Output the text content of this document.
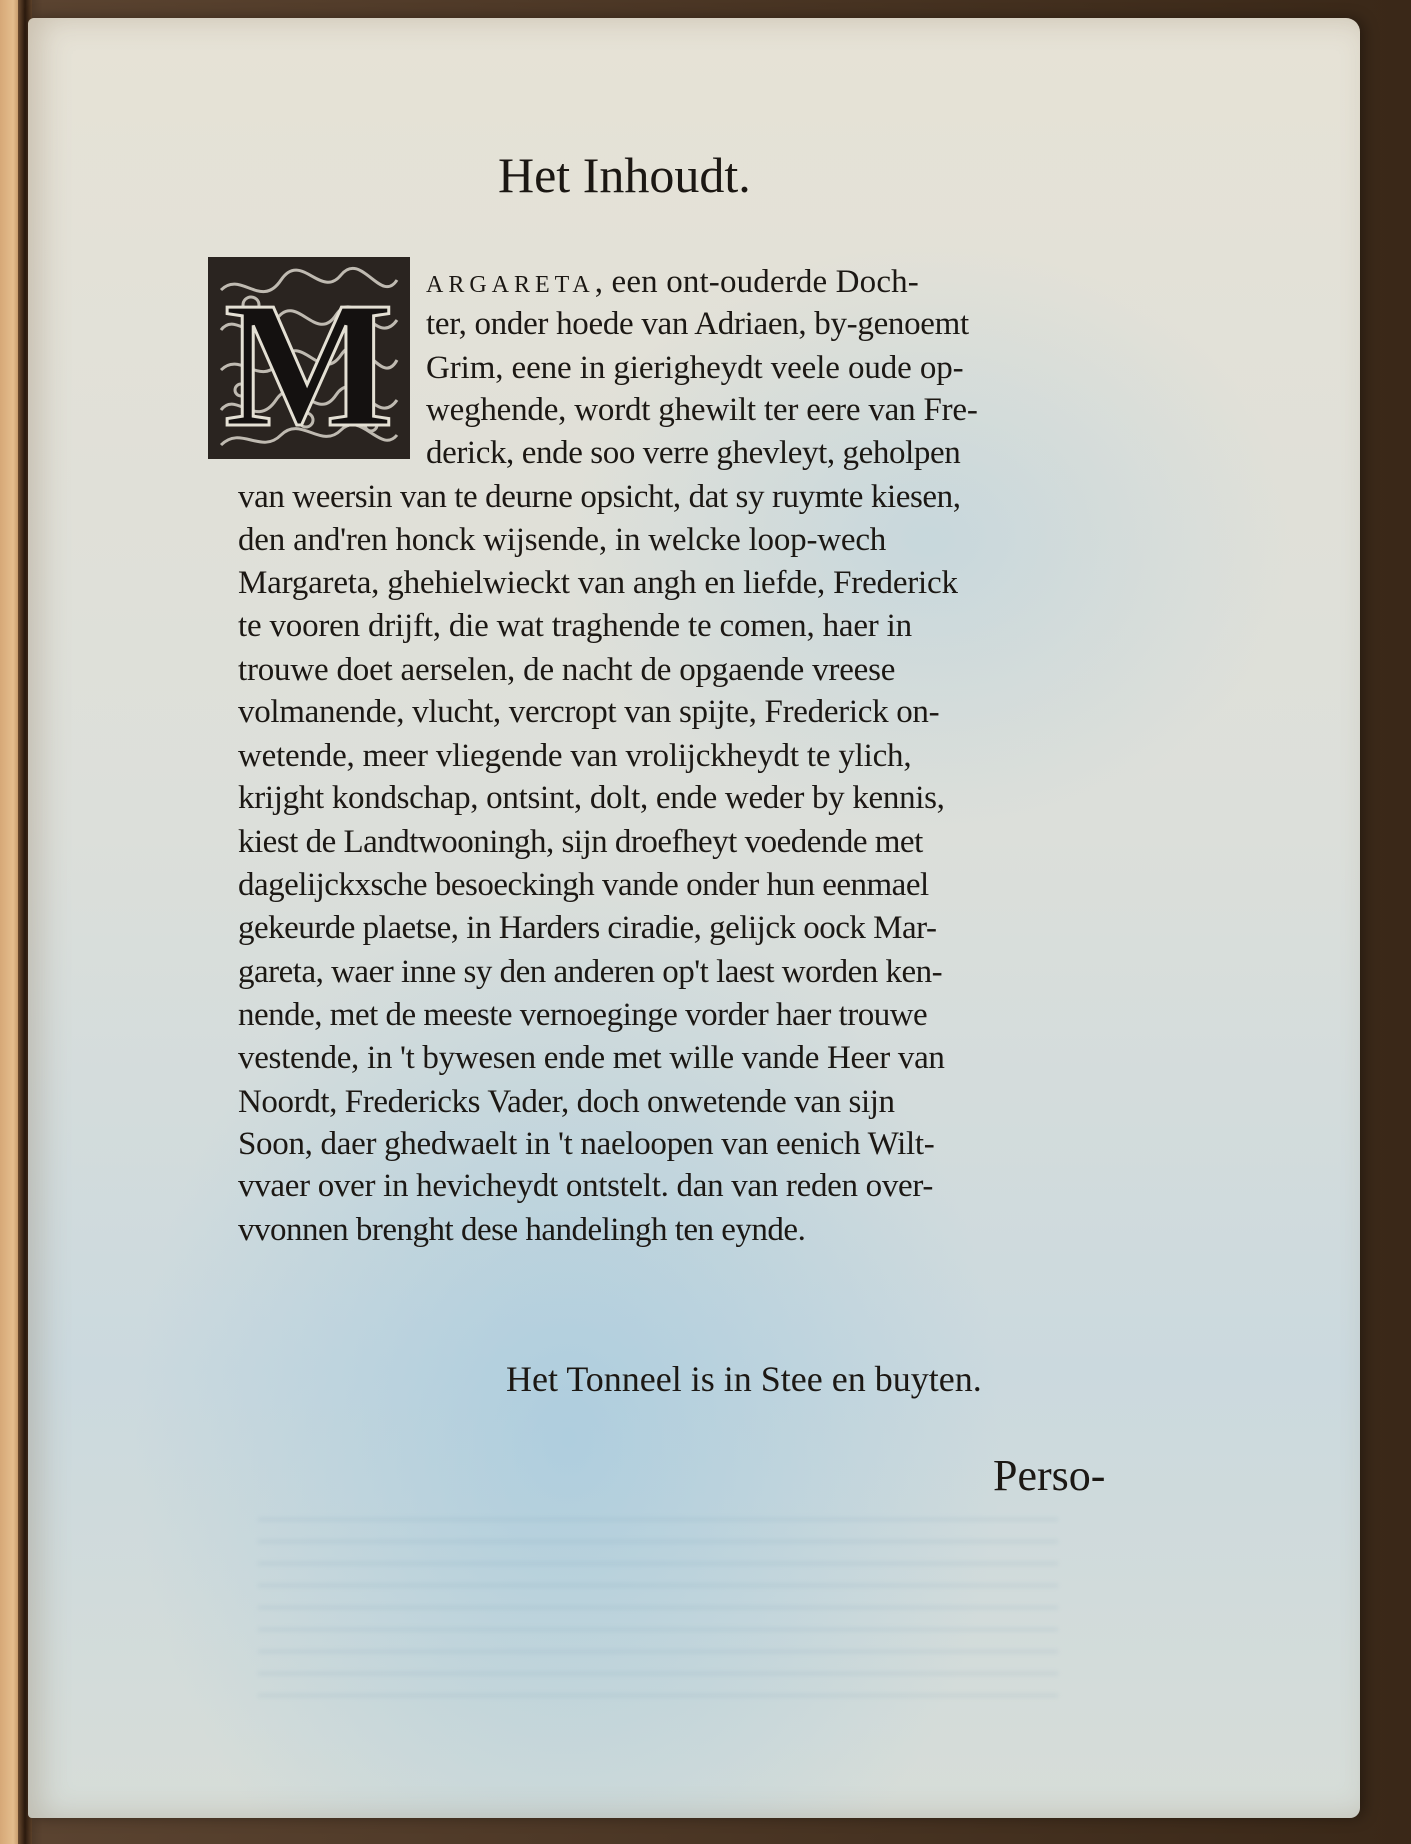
Het Inhoudt.
M ARGARETA, een ont-ouderde Doch-

ter, onder hoede van Adriaen, by-genoemt

Grim, eene in gierigheydt veele oude op-

weghende, wordt ghewilt ter eere van Fre-

derick, ende soo verre ghevleyt, geholpen

van weersin van te deurne opsicht, dat sy ruymte kiesen,

den and'ren honck wijsende, in welcke loop-wech

Margareta, ghehielwieckt van angh en liefde, Frederick

te vooren drijft, die wat traghende te comen, haer in

trouwe doet aerselen, de nacht de opgaende vreese

volmanende, vlucht, vercropt van spijte, Frederick on-

wetende, meer vliegende van vrolijckheydt te ylich,

krijght kondschap, ontsint, dolt, ende weder by kennis,

kiest de Landtwooningh, sijn droefheyt voedende met

dagelijckxsche besoeckingh vande onder hun eenmael

gekeurde plaetse, in Harders ciradie, gelijck oock Mar-

gareta, waer inne sy den anderen op't laest worden ken-

nende, met de meeste vernoeginge vorder haer trouwe

vestende, in 't bywesen ende met wille vande Heer van

Noordt, Fredericks Vader, doch onwetende van sijn

Soon, daer ghedwaelt in 't naeloopen van eenich Wilt-

vvaer over in hevicheydt ontstelt. dan van reden over-

vvonnen brenght dese handelingh ten eynde.

Het Tonneel is in Stee en buyten.

Perso-
